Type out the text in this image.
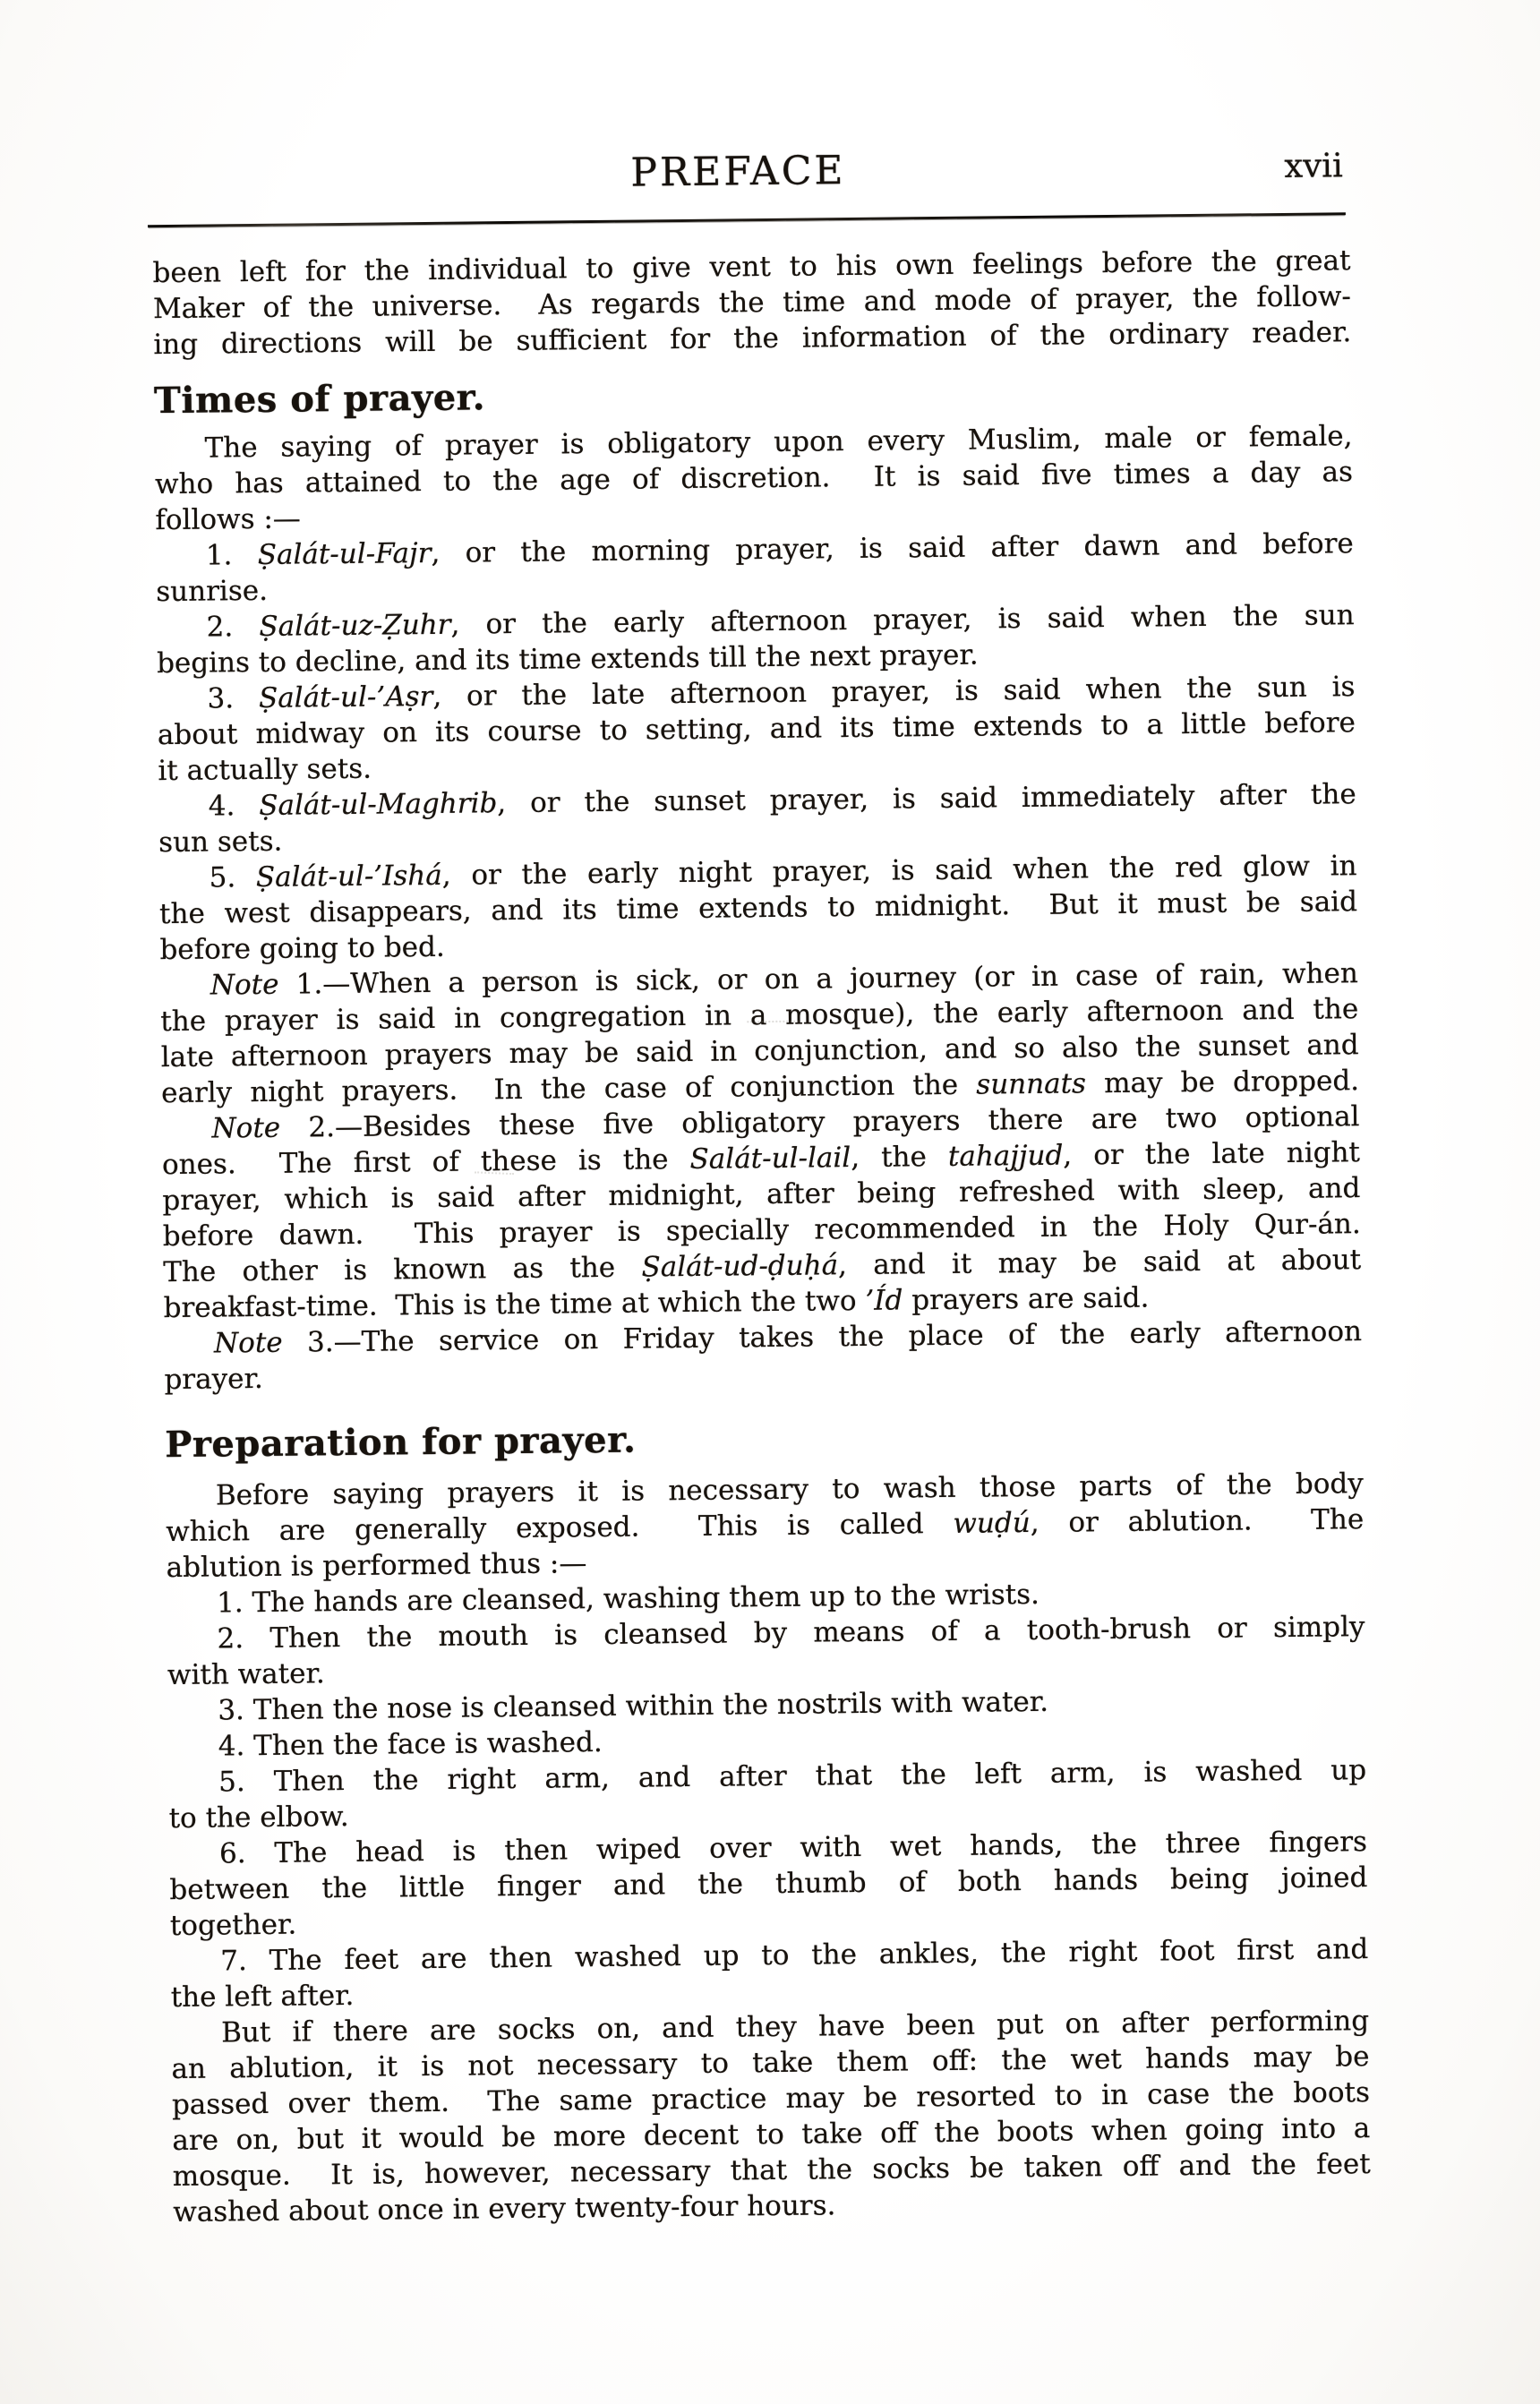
PREFACE	xvii
been left for the individual to give vent to his own feelings before the great
Maker of the universe.  As regards the time and mode of prayer, the follow-
ing directions will be sufficient for the information of the ordinary reader.
Times of prayer.
The saying of prayer is obligatory upon every Muslim, male or female,
who has attained to the age of discretion.  It is said five times a day as
follows :—
1. Ṣalát-ul-Fajr, or the morning prayer, is said after dawn and before
sunrise.
2. Ṣalát-uz-Ẓuhr, or the early afternoon prayer, is said when the sun
begins to decline, and its time extends till the next prayer.
3. Ṣalát-ul-’Aṣr, or the late afternoon prayer, is said when the sun is
about midway on its course to setting, and its time extends to a little before
it actually sets.
4. Ṣalát-ul-Maghrib, or the sunset prayer, is said immediately after the
sun sets.
5. Ṣalát-ul-’Ishá, or the early night prayer, is said when the red glow in
the west disappears, and its time extends to midnight.  But it must be said
before going to bed.
Note 1.—When a person is sick, or on a journey (or in case of rain, when
the prayer is said in congregation in a mosque), the early afternoon and the
late afternoon prayers may be said in conjunction, and so also the sunset and
early night prayers.  In the case of conjunction the sunnats may be dropped.
Note 2.—Besides these five obligatory prayers there are two optional
ones.  The first of these is the Salát-ul-lail, the tahajjud, or the late night
prayer, which is said after midnight, after being refreshed with sleep, and
before dawn.  This prayer is specially recommended in the Holy Qur-án.
The other is known as the Ṣalát-ud-ḍuḥá, and it may be said at about
breakfast-time.  This is the time at which the two ’Íd prayers are said.
Note 3.—The service on Friday takes the place of the early afternoon
prayer.
Preparation for prayer.
Before saying prayers it is necessary to wash those parts of the body
which are generally exposed.  This is called wuḍú, or ablution.  The
ablution is performed thus :—
1. The hands are cleansed, washing them up to the wrists.
2. Then the mouth is cleansed by means of a tooth-brush or simply
with water.
3. Then the nose is cleansed within the nostrils with water.
4. Then the face is washed.
5. Then the right arm, and after that the left arm, is washed up
to the elbow.
6. The head is then wiped over with wet hands, the three fingers
between the little finger and the thumb of both hands being joined
together.
7. The feet are then washed up to the ankles, the right foot first and
the left after.
But if there are socks on, and they have been put on after performing
an ablution, it is not necessary to take them off: the wet hands may be
passed over them.  The same practice may be resorted to in case the boots
are on, but it would be more decent to take off the boots when going into a
mosque.  It is, however, necessary that the socks be taken off and the feet
washed about once in every twenty-four hours.
